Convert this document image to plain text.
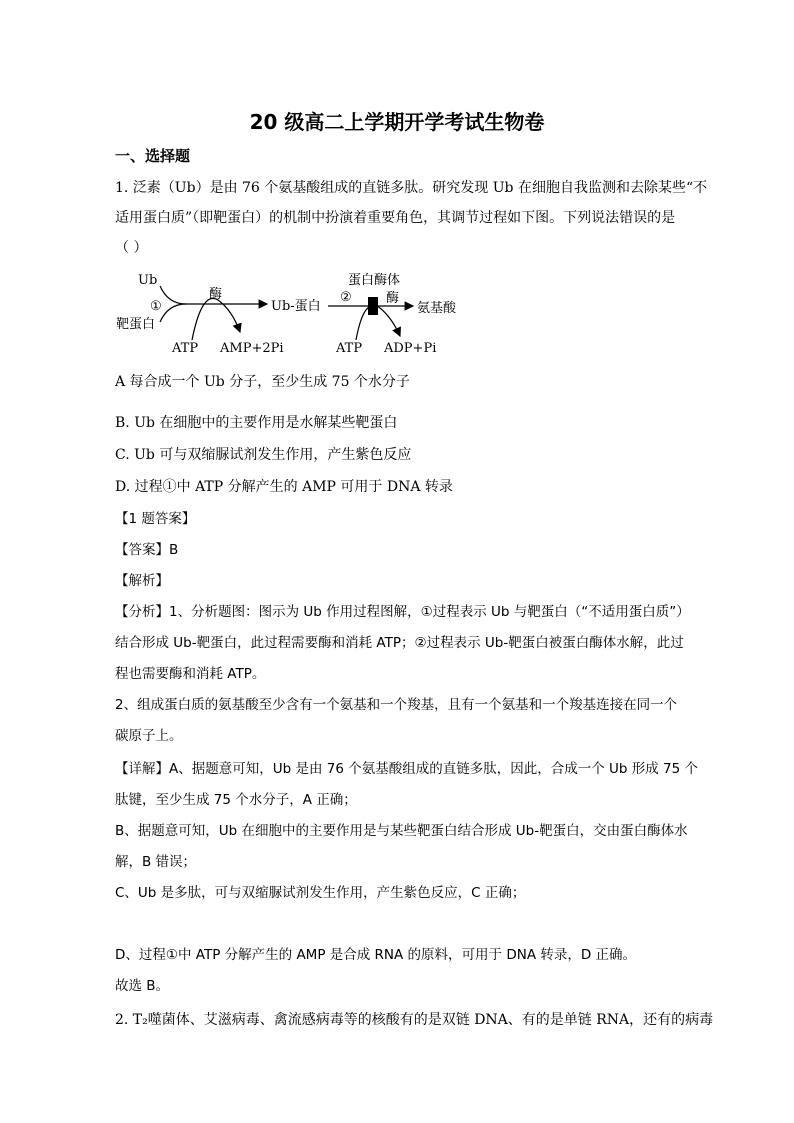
20 级高二上学期开学考试生物卷
一、选择题
1. 泛素（Ub）是由 76 个氨基酸组成的直链多肽。研究发现 Ub 在细胞自我监测和去除某些“不
适用蛋白质”（即靶蛋白）的机制中扮演着重要角色，其调节过程如下图。下列说法错误的是
（ ）
Ub
①
靶蛋白
酶
Ub-蛋白
ATP AMP+2Pi
蛋白酶体
②	酶
氨基酸
ATP ADP+Pi
A 每合成一个 Ub 分子，至少生成 75 个水分子
B. Ub 在细胞中的主要作用是水解某些靶蛋白
C. Ub 可与双缩脲试剂发生作用，产生紫色反应
D. 过程①中 ATP 分解产生的 AMP 可用于 DNA 转录
【1 题答案】
【答案】B
【解析】
【分析】1、分析题图：图示为 Ub 作用过程图解，①过程表示 Ub 与靶蛋白（“不适用蛋白质”）
结合形成 Ub-靶蛋白，此过程需要酶和消耗 ATP；②过程表示 Ub-靶蛋白被蛋白酶体水解，此过
程也需要酶和消耗 ATP。
2、组成蛋白质的氨基酸至少含有一个氨基和一个羧基，且有一个氨基和一个羧基连接在同一个
碳原子上。
【详解】A、据题意可知，Ub 是由 76 个氨基酸组成的直链多肽，因此，合成一个 Ub 形成 75 个
肽键，至少生成 75 个水分子，A 正确；
B、据题意可知，Ub 在细胞中的主要作用是与某些靶蛋白结合形成 Ub-靶蛋白，交由蛋白酶体水
解，B 错误；
C、Ub 是多肽，可与双缩脲试剂发生作用，产生紫色反应，C 正确；
D、过程①中 ATP 分解产生的 AMP 是合成 RNA 的原料，可用于 DNA 转录，D 正确。
故选 B。
2. T₂噬菌体、艾滋病毒、禽流感病毒等的核酸有的是双链 DNA、有的是单链 RNA，还有的病毒
